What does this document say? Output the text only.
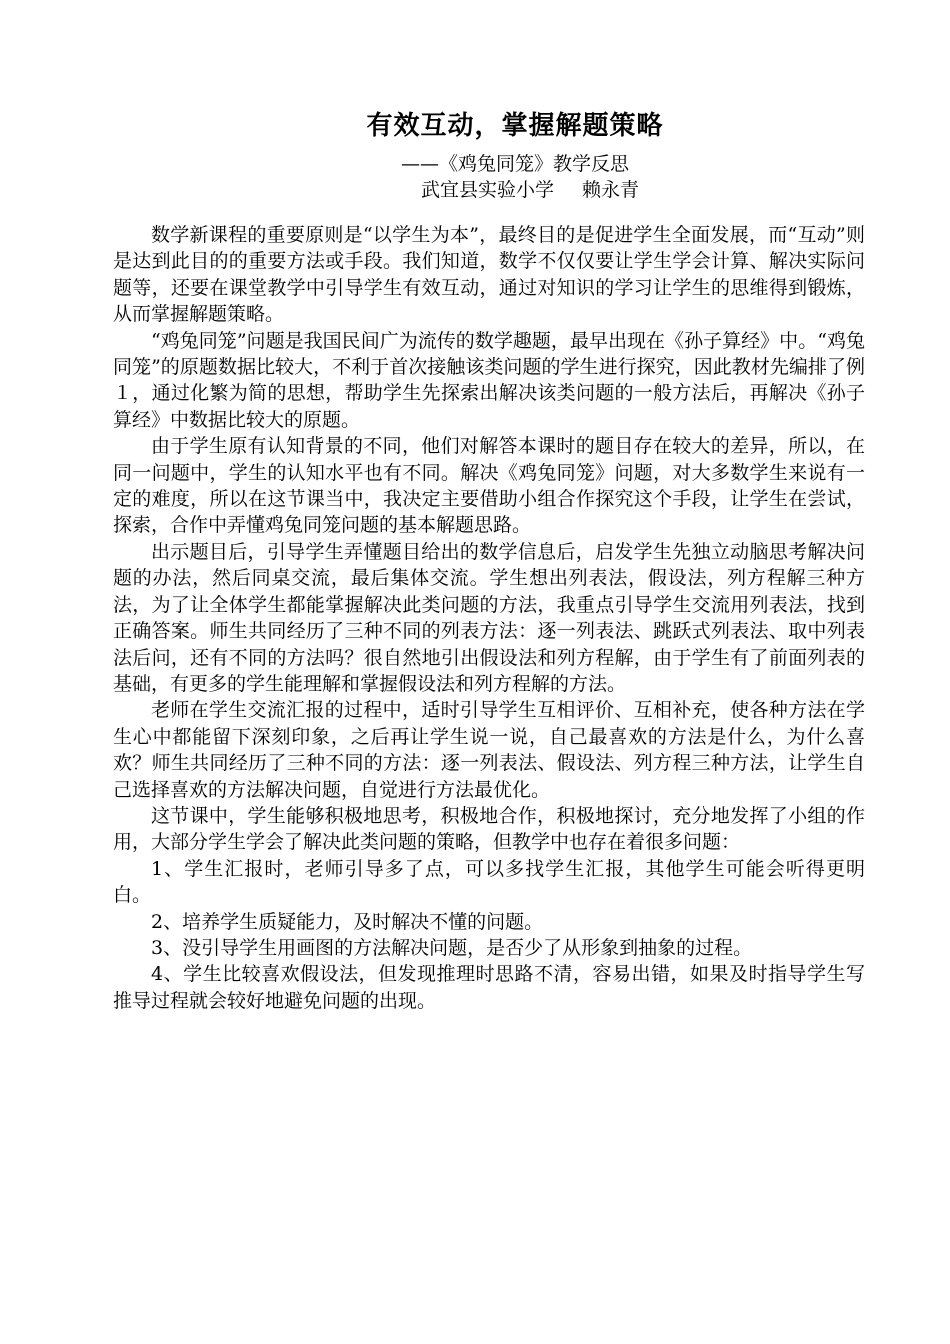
有效互动，掌握解题策略
——《鸡兔同笼》教学反思
武宜县实验小学 赖永青

数学新课程的重要原则是“以学生为本”，最终目的是促进学生全面发展，而“互动”则是达到此目的的重要方法或手段。我们知道，数学不仅仅要让学生学会计算、解决实际问题等，还要在课堂教学中引导学生有效互动，通过对知识的学习让学生的思维得到锻炼，从而掌握解题策略。

“鸡兔同笼”问题是我国民间广为流传的数学趣题，最早出现在《孙子算经》中。“鸡兔同笼”的原题数据比较大，不利于首次接触该类问题的学生进行探究，因此教材先编排了例１，通过化繁为简的思想，帮助学生先探索出解决该类问题的一般方法后，再解决《孙子算经》中数据比较大的原题。

由于学生原有认知背景的不同，他们对解答本课时的题目存在较大的差异，所以，在同一问题中，学生的认知水平也有不同。解决《鸡兔同笼》问题，对大多数学生来说有一定的难度，所以在这节课当中，我决定主要借助小组合作探究这个手段，让学生在尝试，探索，合作中弄懂鸡兔同笼问题的基本解题思路。

出示题目后，引导学生弄懂题目给出的数学信息后，启发学生先独立动脑思考解决问题的办法，然后同桌交流，最后集体交流。学生想出列表法，假设法，列方程解三种方法，为了让全体学生都能掌握解决此类问题的方法，我重点引导学生交流用列表法，找到正确答案。师生共同经历了三种不同的列表方法：逐一列表法、跳跃式列表法、取中列表法后问，还有不同的方法吗？很自然地引出假设法和列方程解，由于学生有了前面列表的基础，有更多的学生能理解和掌握假设法和列方程解的方法。

老师在学生交流汇报的过程中，适时引导学生互相评价、互相补充，使各种方法在学生心中都能留下深刻印象，之后再让学生说一说，自己最喜欢的方法是什么，为什么喜欢？师生共同经历了三种不同的方法：逐一列表法、假设法、列方程三种方法，让学生自己选择喜欢的方法解决问题，自觉进行方法最优化。

这节课中，学生能够积极地思考，积极地合作，积极地探讨，充分地发挥了小组的作用，大部分学生学会了解决此类问题的策略，但教学中也存在着很多问题：

1、学生汇报时，老师引导多了点，可以多找学生汇报，其他学生可能会听得更明白。

2、培养学生质疑能力，及时解决不懂的问题。

3、没引导学生用画图的方法解决问题，是否少了从形象到抽象的过程。

4、学生比较喜欢假设法，但发现推理时思路不清，容易出错，如果及时指导学生写推导过程就会较好地避免问题的出现。
